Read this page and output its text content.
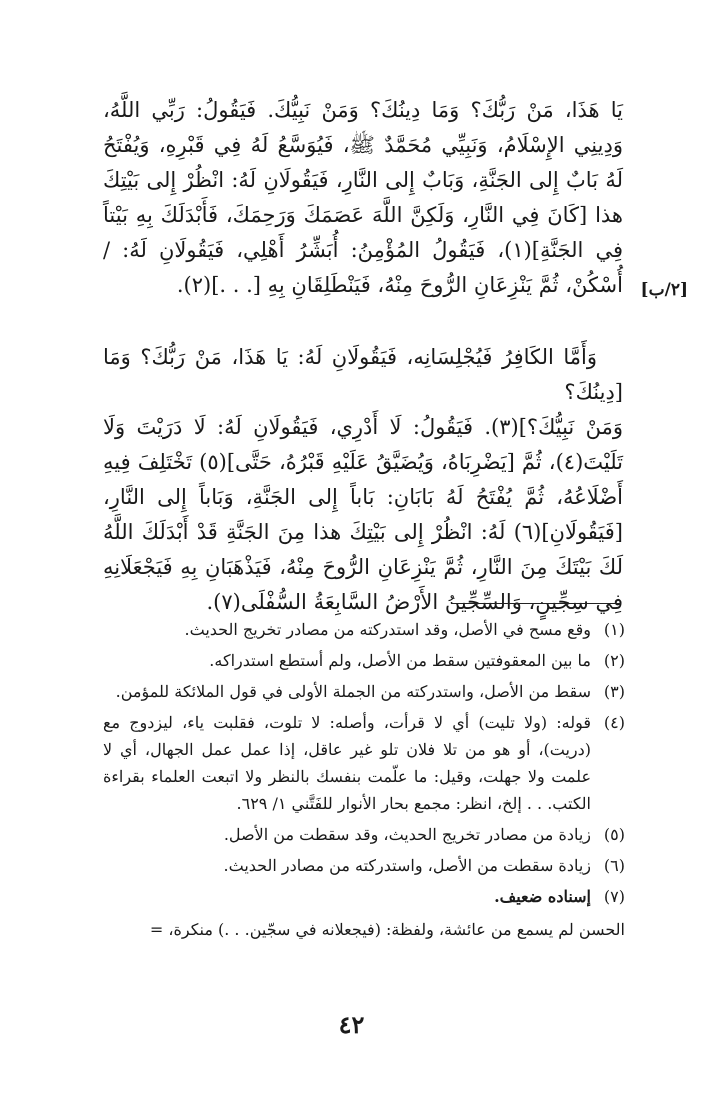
يَا هَذَا، مَنْ رَبُّكَ؟ وَمَا دِينُكَ؟ وَمَنْ نَبِيُّكَ. فَيَقُولُ: رَبِّي اللَّهُ، وَدِينِي الإِسْلَامُ، وَنَبِيِّي مُحَمَّدٌ ﷺ، فَيُوَسَّعُ لَهُ فِي قَبْرِهِ، وَيُفْتَحُ لَهُ بَابٌ إِلى الجَنَّةِ، وَبَابٌ إِلى النَّارِ، فَيَقُولَانِ لَهُ: انْظُرْ إِلى بَيْتِكَ هذا [كَانَ فِي النَّارِ، وَلَكِنَّ اللَّهَ عَصَمَكَ وَرَحِمَكَ، فَأَبْدَلَكَ بِهِ بَيْتاً فِي الجَنَّةِ](١)، فَيَقُولُ المُؤْمِنُ: أُبَشِّرُ أَهْلِي، فَيَقُولَانِ لَهُ: / أُسْكُنْ، ثُمَّ يَنْزِعَانِ الرُّوحَ مِنْهُ، فَيَنْطَلِقَانِ بِهِ [. . .](٢).	[٢/ب]
وَأَمَّا الكَافِرُ فَيُجْلِسَانِه، فَيَقُولَانِ لَهُ: يَا هَذَا، مَنْ رَبُّكَ؟ وَمَا [دِينُكَ؟
وَمَنْ نَبِيُّكَ؟](٣). فَيَقُولُ: لَا أَدْرِي، فَيَقُولَانِ لَهُ: لَا دَرَيْتَ وَلَا تَلَيْتَ(٤)، ثُمَّ [يَضْرِبَاهُ، وَيُضَيَّقُ عَلَيْهِ قَبْرُهُ، حَتَّى](٥) تَخْتَلِفَ فِيهِ أَضْلَاعُهُ، ثُمَّ يُفْتَحُ لَهُ بَابَانِ: بَاباً إِلى الجَنَّةِ، وَبَاباً إِلى النَّارِ، [فَيَقُولَانِ](٦) لَهُ: انْظُرْ إِلى بَيْتِكَ هذا مِنَ الجَنَّةِ قَدْ أَبْدَلَكَ اللَّهُ لَكَ بَيْتَكَ مِنَ النَّارِ، ثُمَّ يَنْزِعَانِ الرُّوحَ مِنْهُ، فَيَذْهَبَانِ بِهِ فَيَجْعَلَانِهِ فِي سِجِّينٍ، وَالسِّجِّينُ الأَرْضُ السَّابِعَةُ السُّفْلَى(٧).
(١)
وقع مسح في الأصل، وقد استدركته من مصادر تخريج الحديث.
(٢)
ما بين المعقوفتين سقط من الأصل، ولم أستطع استدراكه.
(٣)
سقط من الأصل، واستدركته من الجملة الأولى في قول الملائكة للمؤمن.
(٤)
قوله: (ولا تليت) أي لا قرأت، وأصله: لا تلوت، فقلبت ياء، ليزدوج مع (دريت)، أو هو من تلا فلان تلو غير عاقل، إذا عمل عمل الجهال، أي لا علمت ولا جهلت، وقيل: ما علّمت بنفسك بالنظر ولا اتبعت العلماء بقراءة الكتب. . . إلخ، انظر: مجمع بحار الأنوار للفَتَّني ١/ ٦٢٩.
(٥)
زيادة من مصادر تخريج الحديث، وقد سقطت من الأصل.
(٦)
زيادة سقطت من الأصل، واستدركته من مصادر الحديث.
(٧)
إسناده ضعيف.
الحسن لم يسمع من عائشة، ولفظة: (فيجعلانه في سجّين. . .) منكرة، =
٤٢
